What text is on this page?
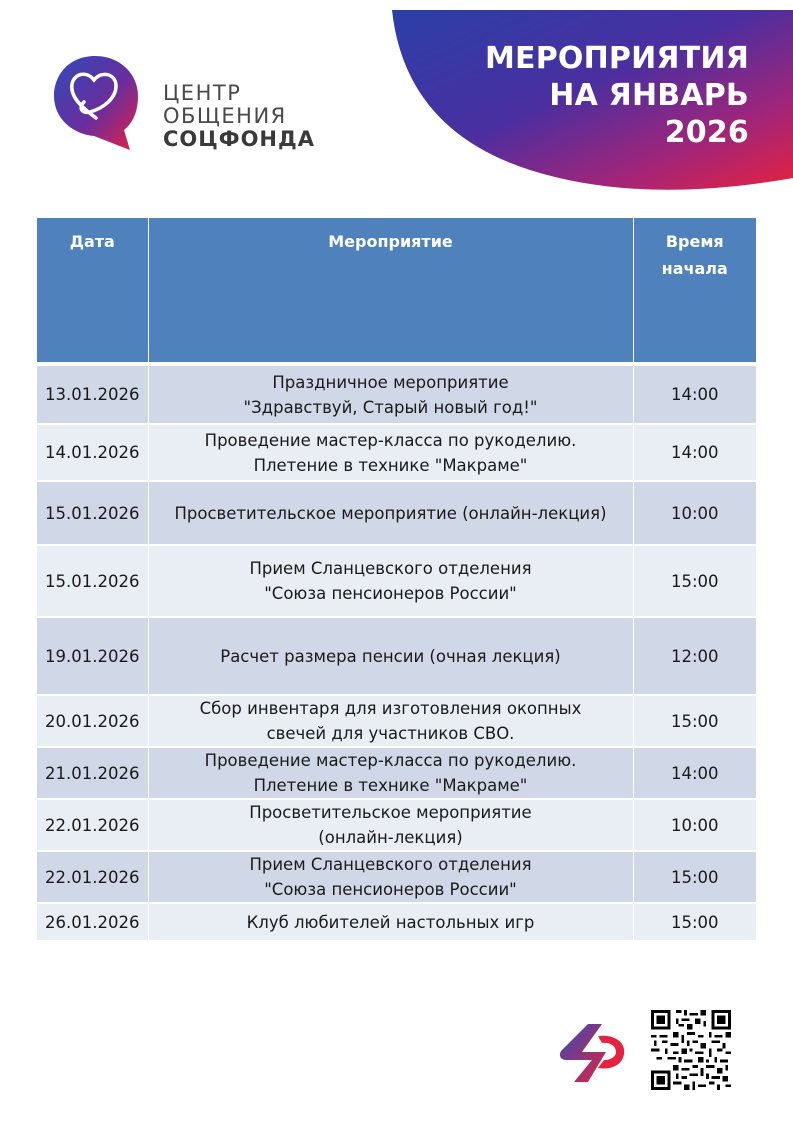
МЕРОПРИЯТИЯ
НА ЯНВАРЬ
2026
ЦЕНТР
ОБЩЕНИЯ
СОЦФОНДА
Дата	Мероприятие	Время
начала

13.01.2026	Праздничное мероприятие
"Здравствуй, Старый новый год!"	14:00
14.01.2026	Проведение мастер-класса по рукоделию.
Плетение в технике "Макраме"	14:00
15.01.2026	Просветительское мероприятие (онлайн-лекция)	10:00
15.01.2026	Прием Сланцевского отделения
"Союза пенсионеров России"	15:00
19.01.2026	Расчет размера пенсии (очная лекция)	12:00
20.01.2026	Сбор инвентаря для изготовления окопных
свечей для участников СВО.	15:00
21.01.2026	Проведение мастер-класса по рукоделию.
Плетение в технике "Макраме"	14:00
22.01.2026	Просветительское мероприятие
(онлайн-лекция)	10:00
22.01.2026	Прием Сланцевского отделения
"Союза пенсионеров России"	15:00
26.01.2026	Клуб любителей настольных игр	15:00
